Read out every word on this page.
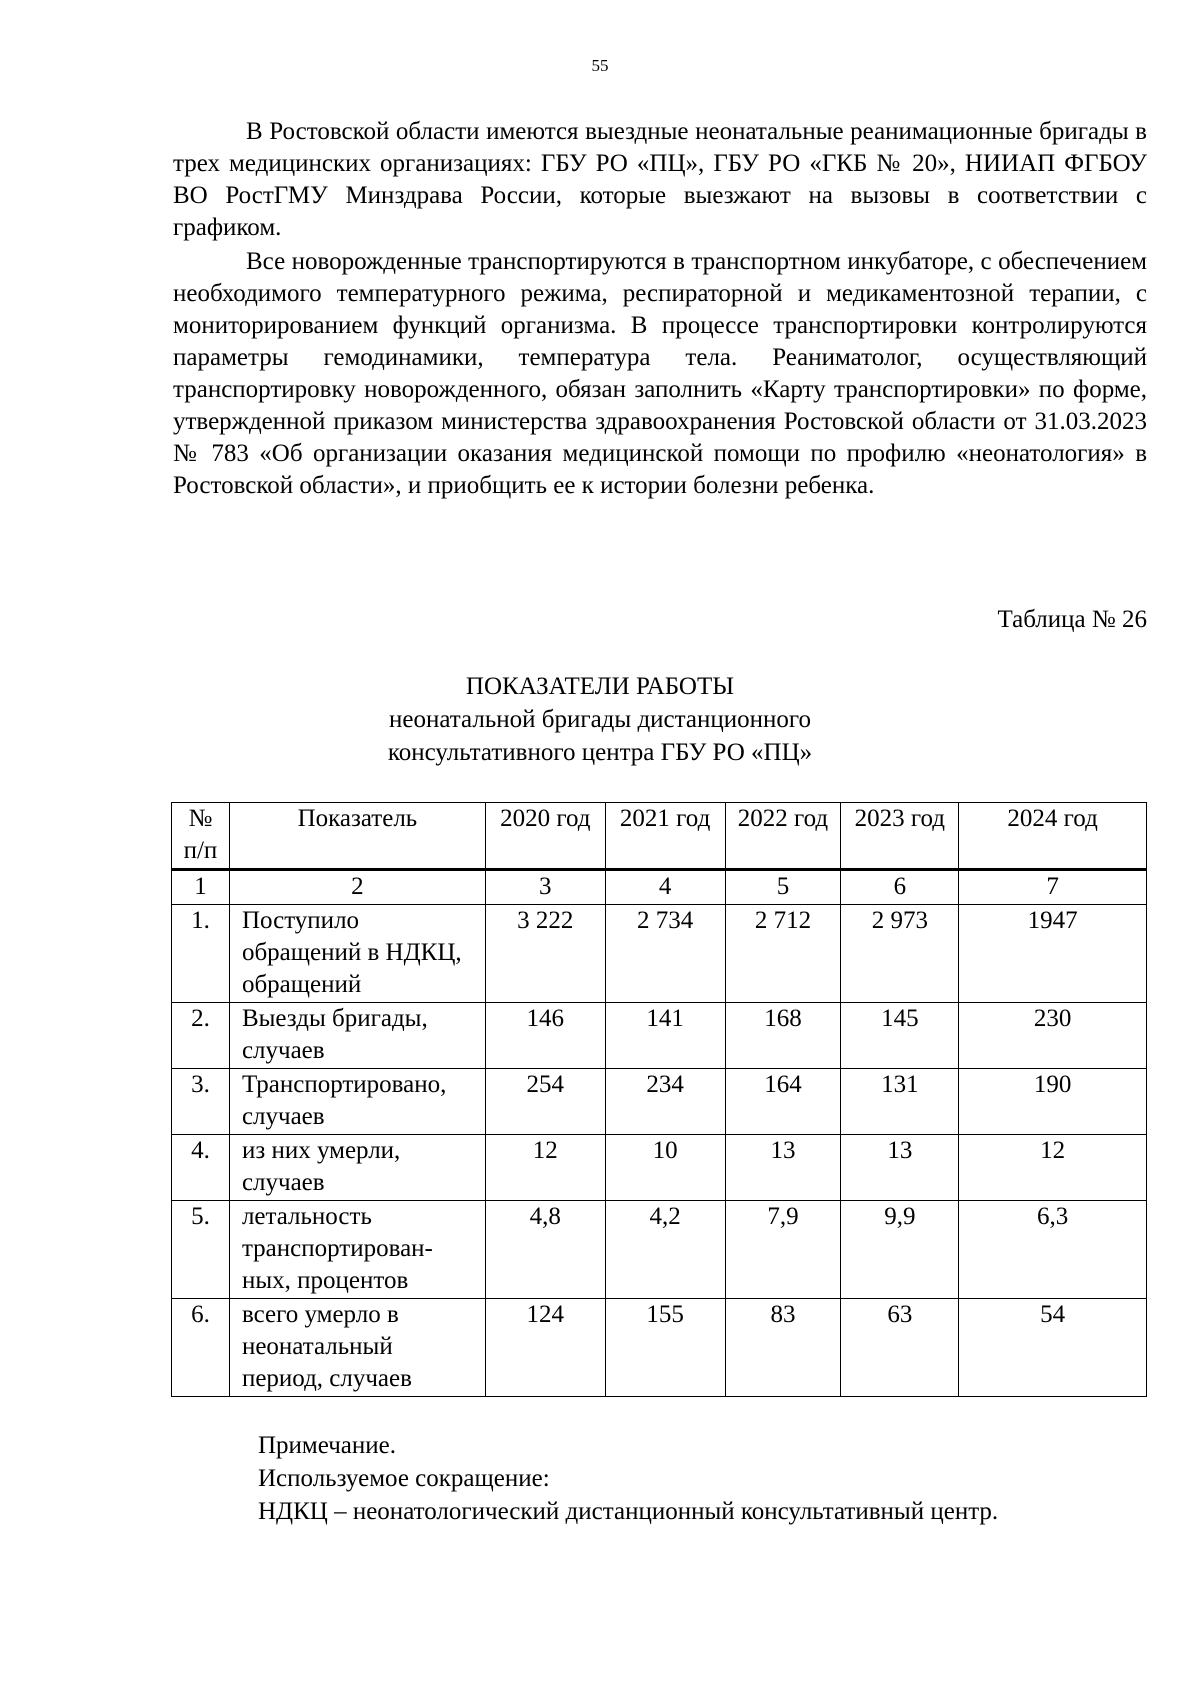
55

В Ростовской области имеются выездные неонатальные реанимационные бригады в трех медицинских организациях: ГБУ РО «ПЦ», ГБУ РО «ГКБ № 20», НИИАП ФГБОУ ВО РостГМУ Минздрава России, которые выезжают на вызовы в соответствии с графиком.

Все новорожденные транспортируются в транспортном инкубаторе, с обеспечением необходимого температурного режима, респираторной и медикаментозной терапии, с мониторированием функций организма. В процессе транспортировки контролируются параметры гемодинамики, температура тела. Реаниматолог, осуществляющий транспортировку новорожденного, обязан заполнить «Карту транспортировки» по форме, утвержденной приказом министерства здравоохранения Ростовской области от 31.03.2023 № 783 «Об организации оказания медицинской помощи по профилю «неонатология» в Ростовской области», и приобщить ее к истории болезни ребенка.

Таблица № 26
ПОКАЗАТЕЛИ РАБОТЫ
неонатальной бригады дистанционного
консультативного центра ГБУ РО «ПЦ»
№ п/п	Показатель	2020 год	2021 год	2022 год	2023 год	2024 год
1	2	3	4	5	6	7
1.	Поступило обращений в НДКЦ, обращений	3 222	2 734	2 712	2 973	1947
2.	Выезды бригады, случаев	146	141	168	145	230
3.	Транспортировано, случаев	254	234	164	131	190
4.	из них умерли, случаев	12	10	13	13	12
5.	летальность транспортирован-ных, процентов	4,8	4,2	7,9	9,9	6,3
6.	всего умерло в неонатальный период, случаев	124	155	83	63	54
Примечание.
Используемое сокращение:
НДКЦ – неонатологический дистанционный консультативный центр.
